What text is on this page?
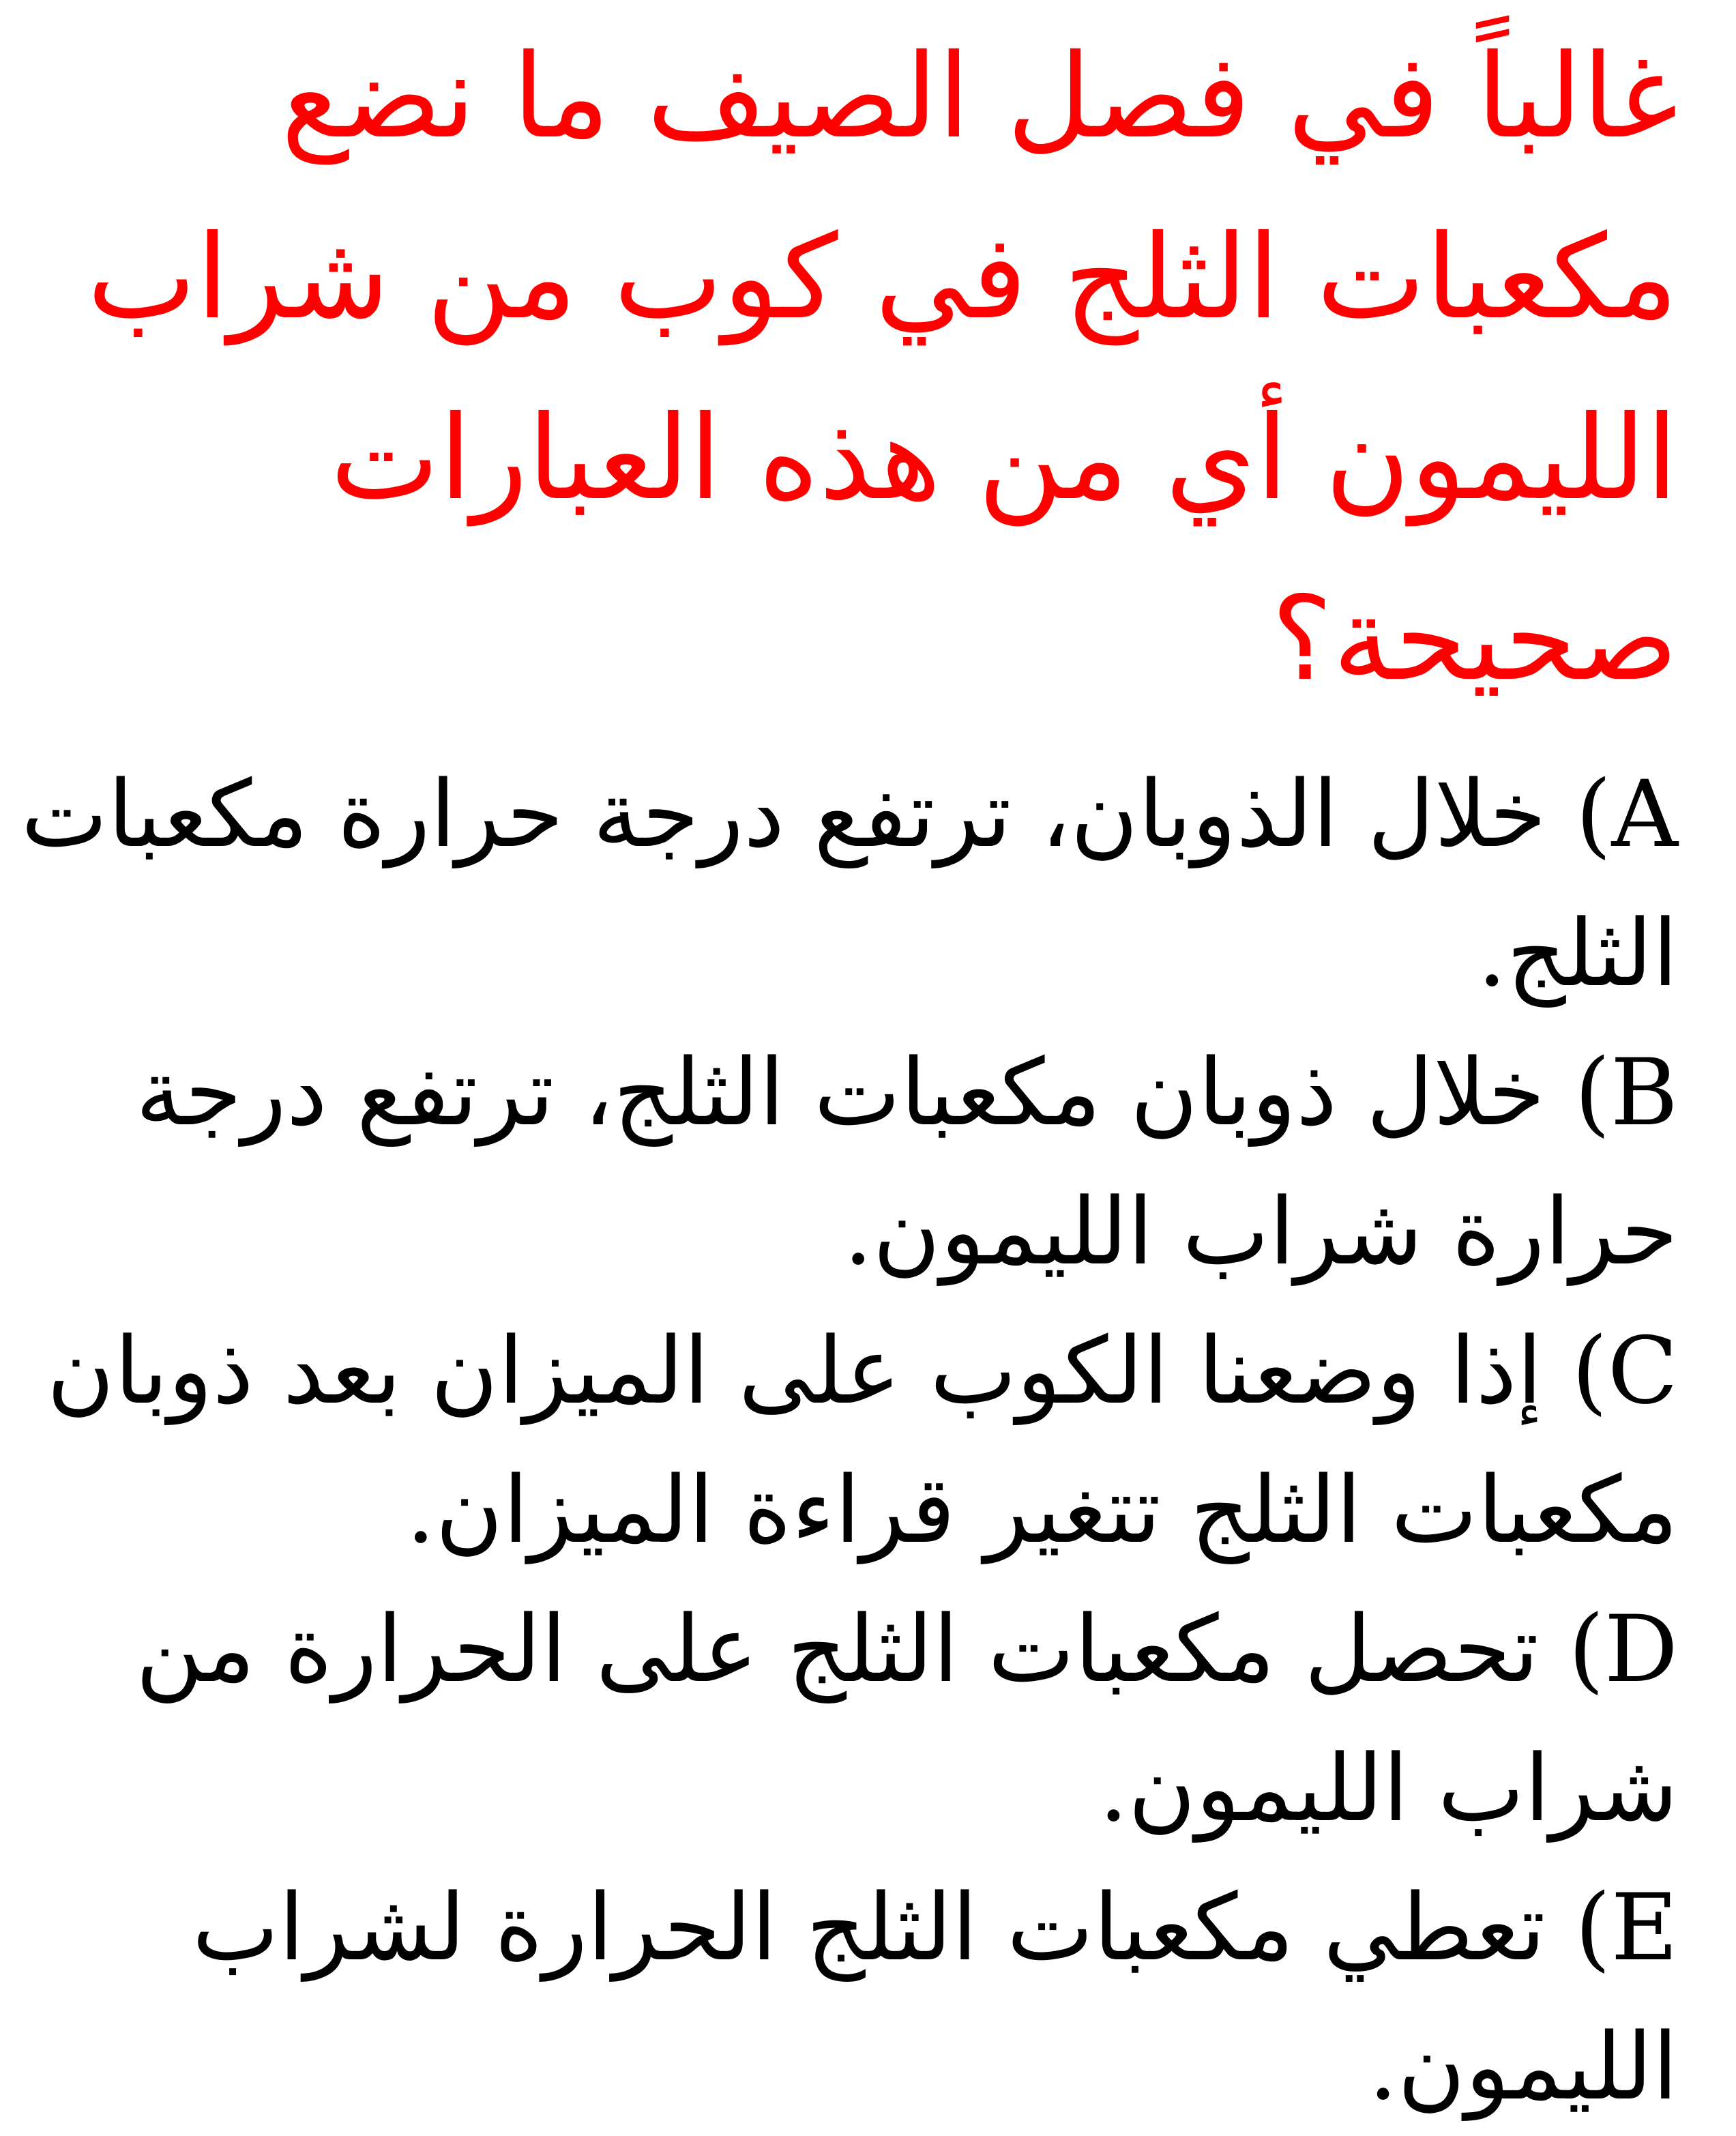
غالباً في فصل الصيف ما نضع
مكعبات الثلج في كوب من شراب
الليمون أي من هذه العبارات
صحيحة؟
A) خلال الذوبان، ترتفع درجة حرارة مكعبات
الثلج.
B) خلال ذوبان مكعبات الثلج، ترتفع درجة
حرارة شراب الليمون.
C) إذا وضعنا الكوب على الميزان بعد ذوبان
مكعبات الثلج تتغير قراءة الميزان.
D) تحصل مكعبات الثلج على الحرارة من
شراب الليمون.
E) تعطي مكعبات الثلج الحرارة لشراب
الليمون.
